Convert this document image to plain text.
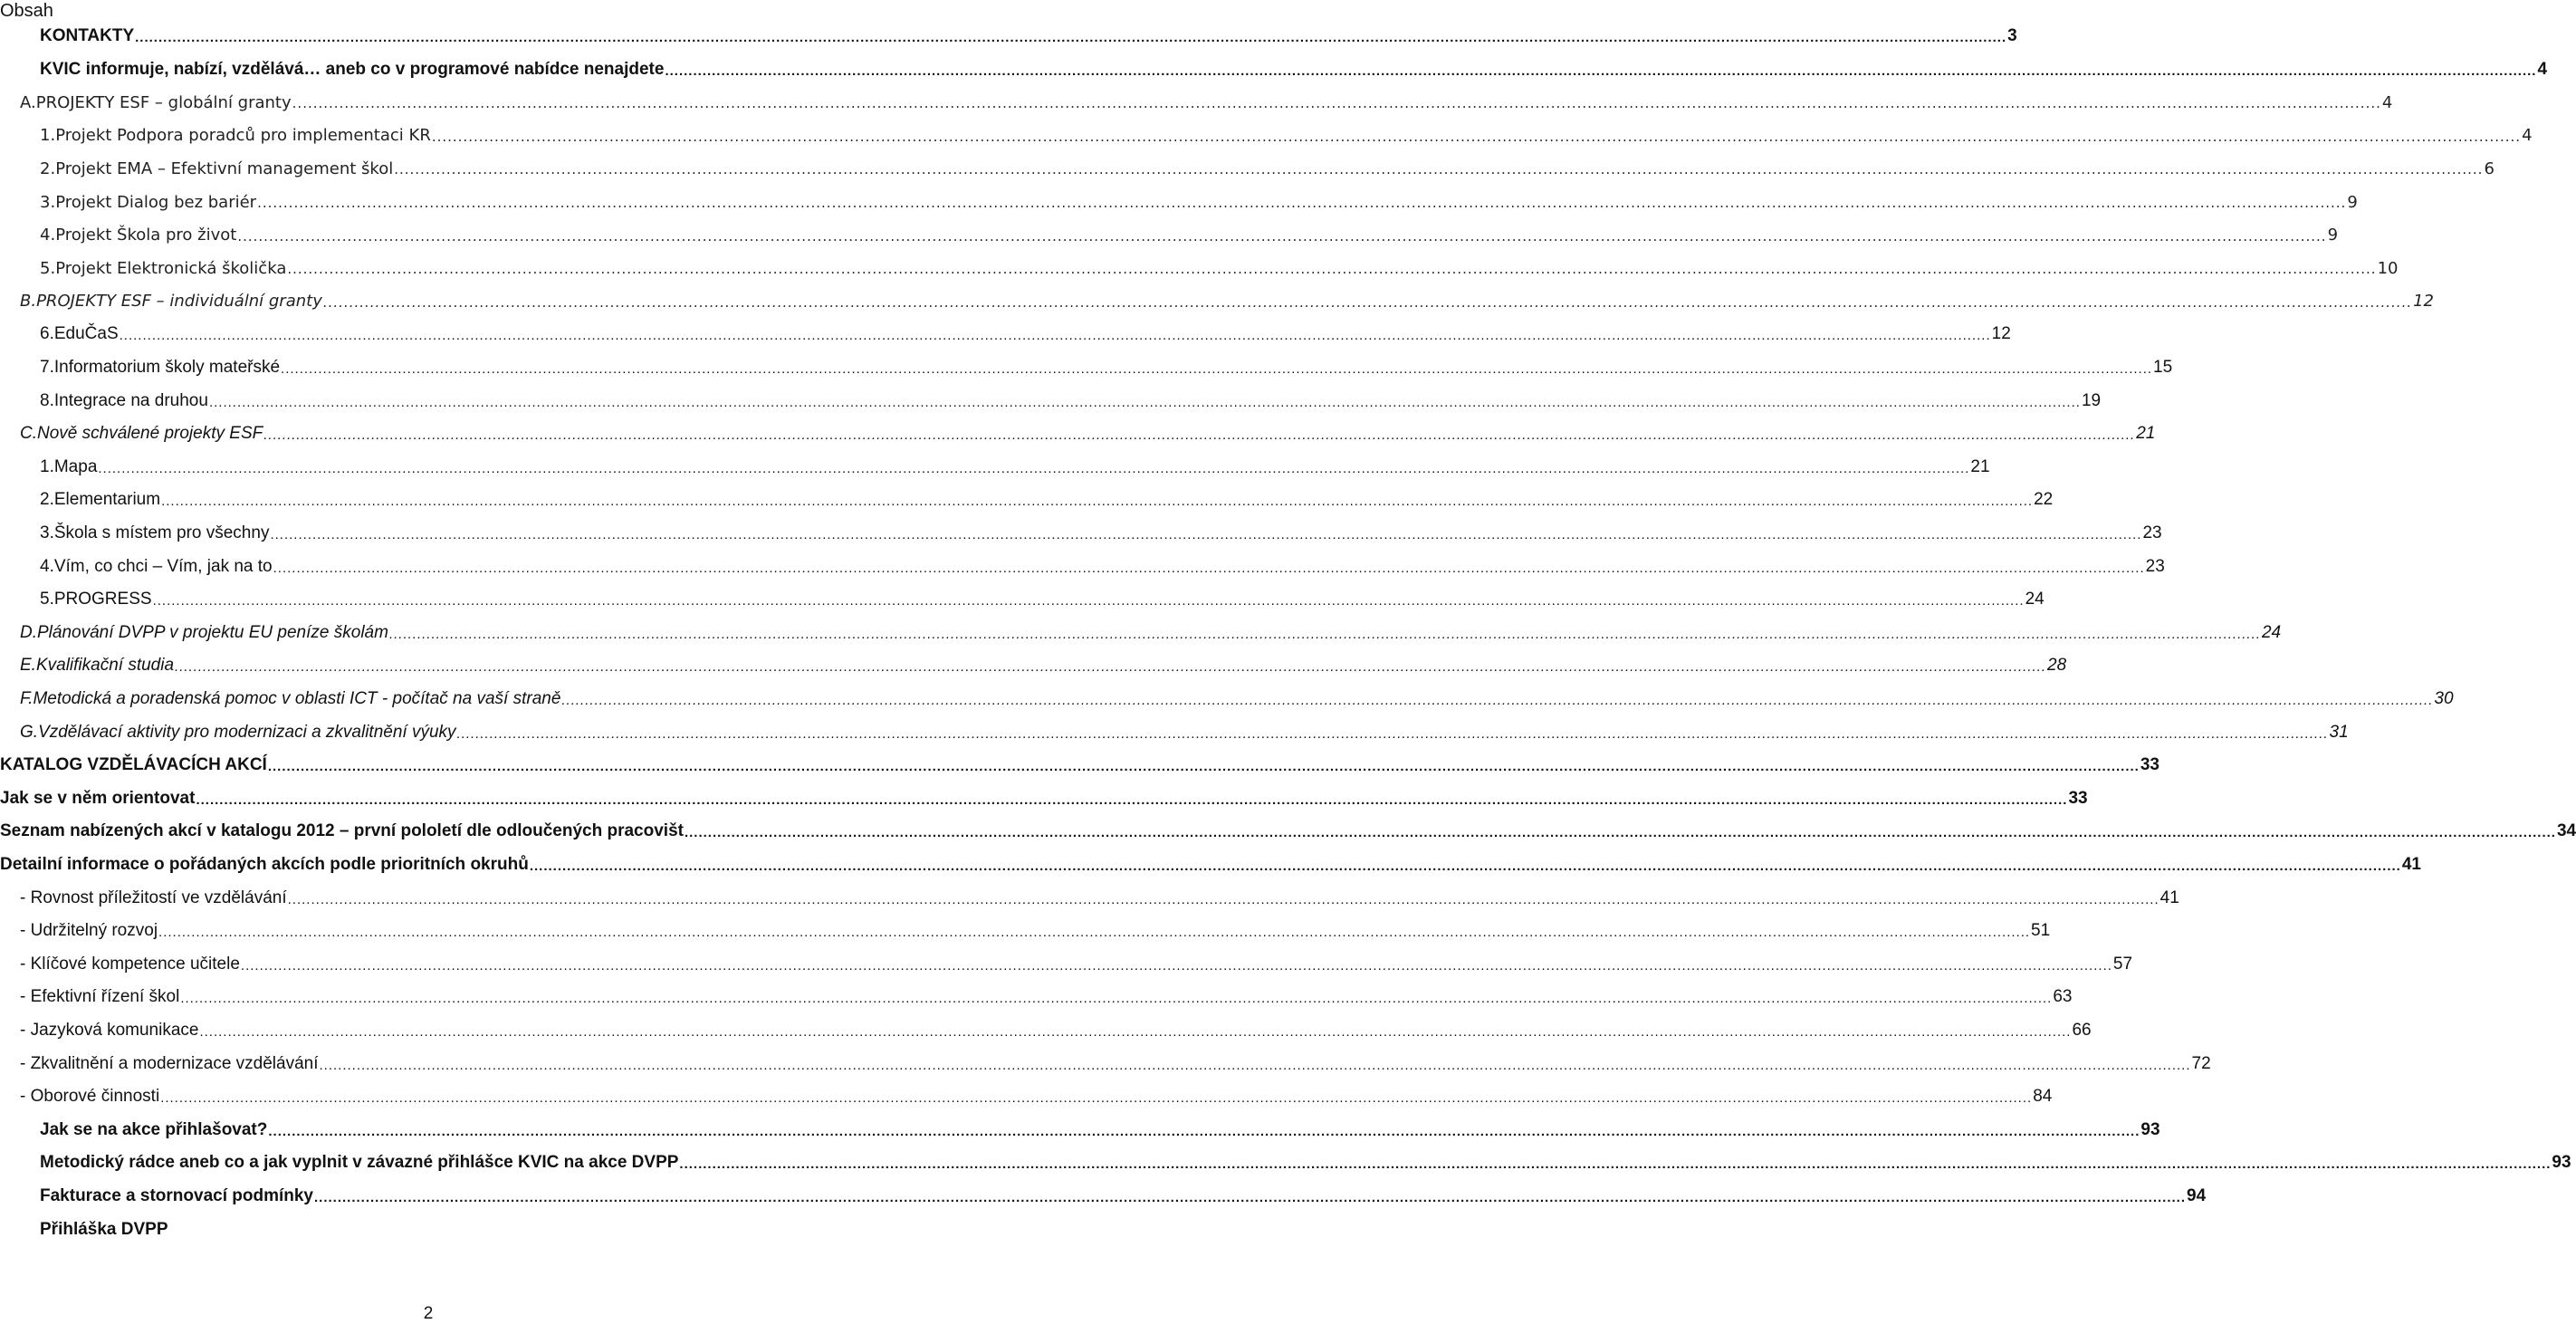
Obsah
KONTAKTY ................................................................................................................................................................................................................................................................................................................................................................................................................ 3
KVIC informuje, nabízí, vzdělává… aneb co v programové nabídce nenajdete ................................................................................................................................................................................................................................................................................................................................................................................................................ 4
A. PROJEKTY ESF – globální granty ................................................................................................................................................................................................................................................................................................................................................................................................................ 4
1. Projekt Podpora poradců pro implementaci KR ................................................................................................................................................................................................................................................................................................................................................................................................................ 4
2. Projekt EMA – Efektivní management škol ................................................................................................................................................................................................................................................................................................................................................................................................................ 6
3. Projekt Dialog bez bariér ................................................................................................................................................................................................................................................................................................................................................................................................................ 9
4. Projekt Škola pro život ................................................................................................................................................................................................................................................................................................................................................................................................................ 9
5. Projekt Elektronická školička ................................................................................................................................................................................................................................................................................................................................................................................................................ 10
B. PROJEKTY ESF – individuální granty ................................................................................................................................................................................................................................................................................................................................................................................................................ 12
6. EduČaS ................................................................................................................................................................................................................................................................................................................................................................................................................ 12
7. Informatorium školy mateřské ................................................................................................................................................................................................................................................................................................................................................................................................................ 15
8. Integrace na druhou ................................................................................................................................................................................................................................................................................................................................................................................................................ 19
C. Nově schválené projekty ESF ................................................................................................................................................................................................................................................................................................................................................................................................................ 21
1. Mapa ................................................................................................................................................................................................................................................................................................................................................................................................................ 21
2. Elementarium ................................................................................................................................................................................................................................................................................................................................................................................................................ 22
3. Škola s místem pro všechny ................................................................................................................................................................................................................................................................................................................................................................................................................ 23
4. Vím, co chci – Vím, jak na to ................................................................................................................................................................................................................................................................................................................................................................................................................ 23
5. PROGRESS ................................................................................................................................................................................................................................................................................................................................................................................................................ 24
D. Plánování DVPP v projektu EU peníze školám ................................................................................................................................................................................................................................................................................................................................................................................................................ 24
E. Kvalifikační studia ................................................................................................................................................................................................................................................................................................................................................................................................................ 28
F. Metodická a poradenská pomoc v oblasti ICT - počítač na vaší straně ................................................................................................................................................................................................................................................................................................................................................................................................................ 30
G. Vzdělávací aktivity pro modernizaci a zkvalitnění výuky ................................................................................................................................................................................................................................................................................................................................................................................................................ 31
KATALOG VZDĚLÁVACÍCH AKCÍ ................................................................................................................................................................................................................................................................................................................................................................................................................ 33
Jak se v něm orientovat ................................................................................................................................................................................................................................................................................................................................................................................................................ 33
Seznam nabízených akcí v katalogu 2012 – první pololetí dle odloučených pracovišt ................................................................................................................................................................................................................................................................................................................................................................................................................ 34
Detailní informace o pořádaných akcích podle prioritních okruhů ................................................................................................................................................................................................................................................................................................................................................................................................................ 41
- Rovnost příležitostí ve vzdělávání ................................................................................................................................................................................................................................................................................................................................................................................................................ 41
- Udržitelný rozvoj ................................................................................................................................................................................................................................................................................................................................................................................................................ 51
- Klíčové kompetence učitele ................................................................................................................................................................................................................................................................................................................................................................................................................ 57
- Efektivní řízení škol ................................................................................................................................................................................................................................................................................................................................................................................................................ 63
- Jazyková komunikace ................................................................................................................................................................................................................................................................................................................................................................................................................ 66
- Zkvalitnění a modernizace vzdělávání ................................................................................................................................................................................................................................................................................................................................................................................................................ 72
- Oborové činnosti ................................................................................................................................................................................................................................................................................................................................................................................................................ 84
Jak se na akce přihlašovat? ................................................................................................................................................................................................................................................................................................................................................................................................................ 93
Metodický rádce aneb co a jak vyplnit v závazné přihlášce KVIC na akce DVPP ................................................................................................................................................................................................................................................................................................................................................................................................................ 93
Fakturace a stornovací podmínky ................................................................................................................................................................................................................................................................................................................................................................................................................ 94
Přihláška DVPP
2
